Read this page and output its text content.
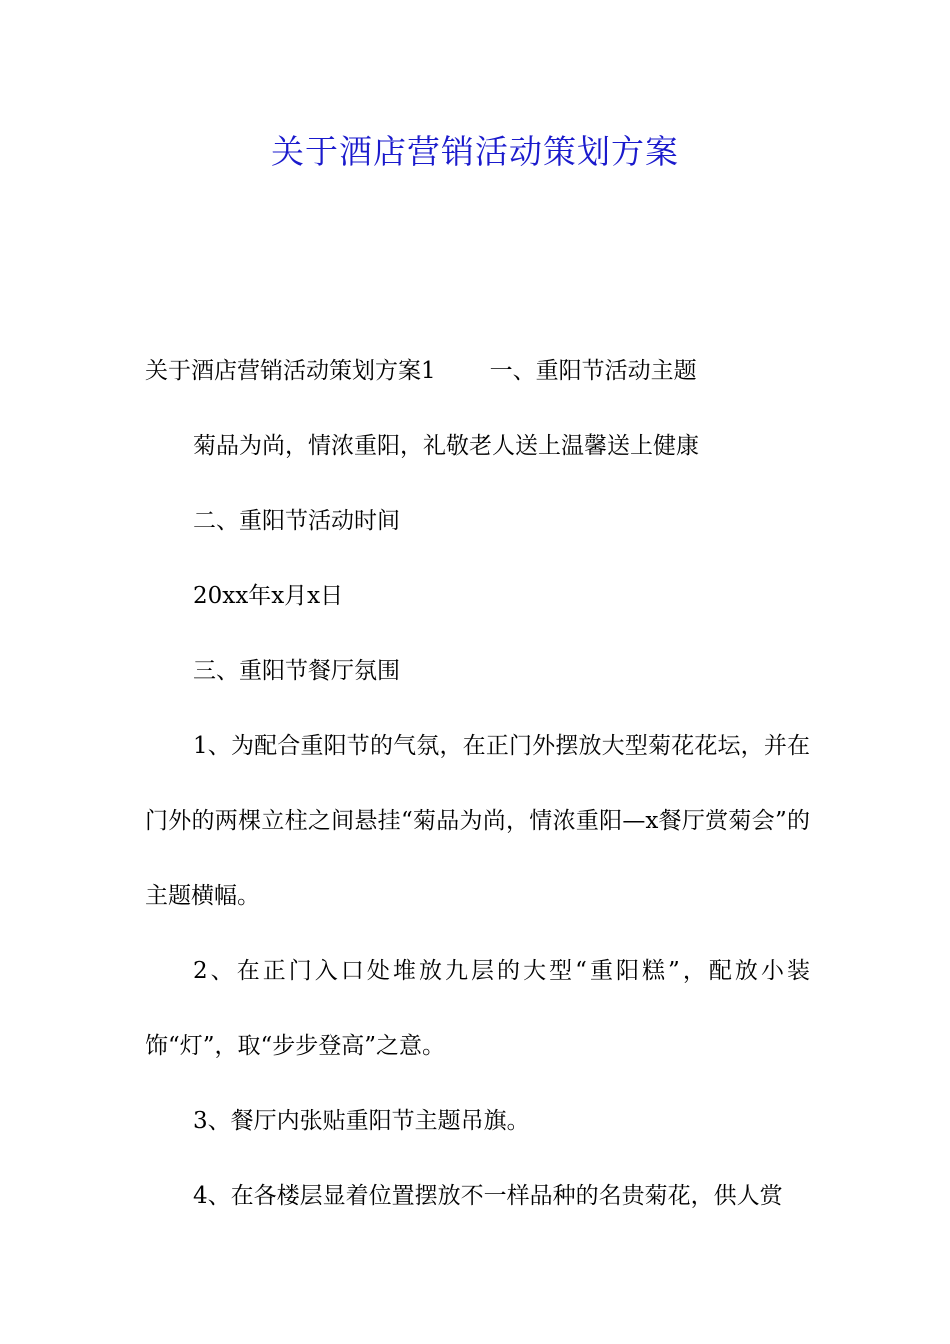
关于酒店营销活动策划方案

关于酒店营销活动策划方案1 一、重阳节活动主题

菊品为尚，情浓重阳，礼敬老人送上温馨送上健康

二、重阳节活动时间

20xx年x月x日

三、重阳节餐厅氛围

1、为配合重阳节的气氛，在正门外摆放大型菊花花坛，并在门外的两棵立柱之间悬挂“菊品为尚，情浓重阳—x餐厅赏菊会”的主题横幅。

2、在正门入口处堆放九层的大型“重阳糕”，配放小装饰“灯”，取“步步登高”之意。

3、餐厅内张贴重阳节主题吊旗。

4、在各楼层显着位置摆放不一样品种的名贵菊花，供人赏
